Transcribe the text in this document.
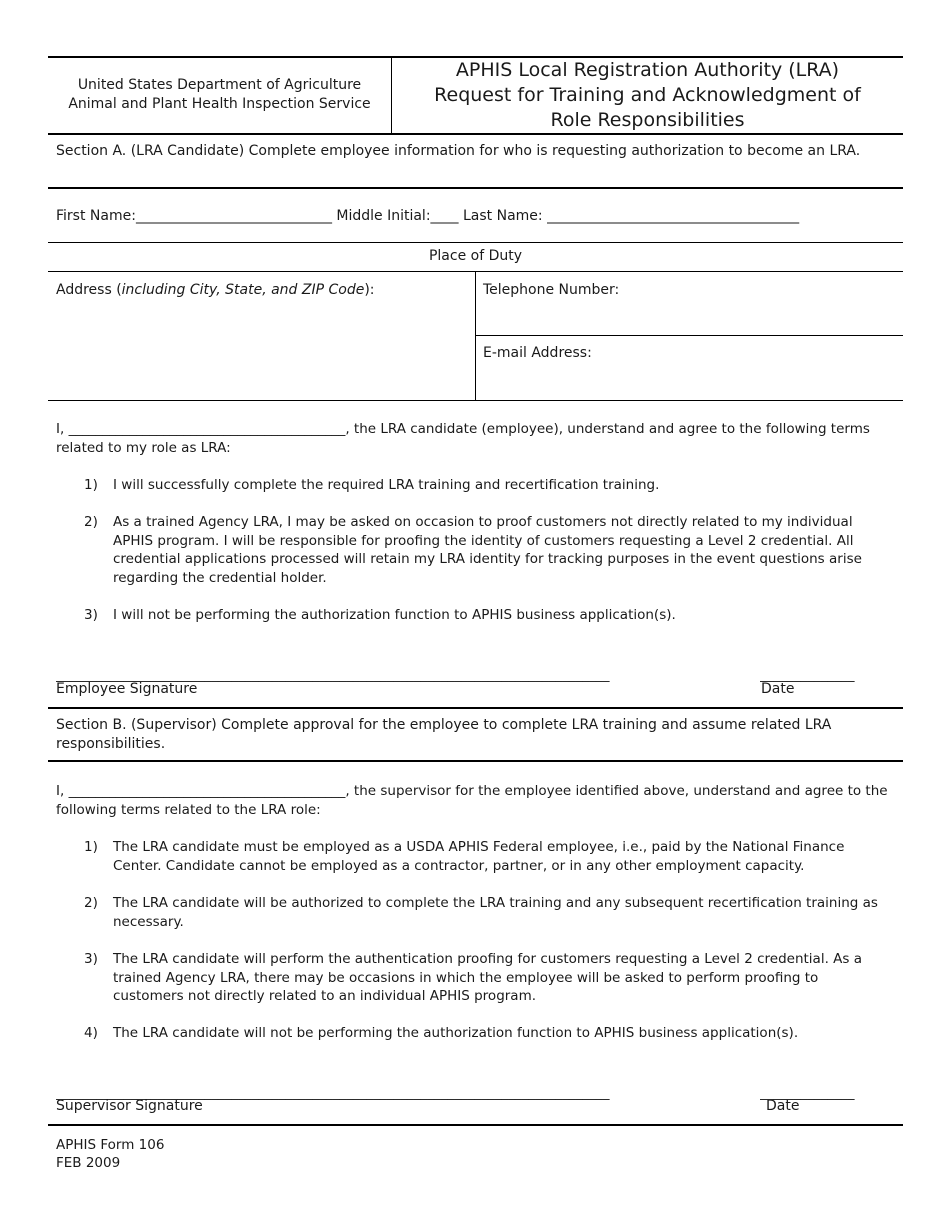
United States Department of Agriculture
Animal and Plant Health Inspection Service
APHIS Local Registration Authority (LRA)
Request for Training and Acknowledgment of
Role Responsibilities
Section A. (LRA Candidate) Complete employee information for who is requesting authorization to become an LRA.
First Name:____________________________ Middle Initial:____ Last Name: ____________________________________
Place of Duty
Address (including City, State, and ZIP Code):	Telephone Number:
E-mail Address:
I, _________________________________________, the LRA candidate (employee), understand and agree to the following terms related to my role as LRA:
1)	I will successfully complete the required LRA training and recertification training.
2)	As a trained Agency LRA, I may be asked on occasion to proof customers not directly related to my individual APHIS program. I will be responsible for proofing the identity of customers requesting a Level 2 credential. All credential applications processed will retain my LRA identity for tracking purposes in the event questions arise regarding the credential holder.
3)	I will not be performing the authorization function to APHIS business application(s).
__________________________________________________________________________________	______________
Employee Signature	Date
Section B. (Supervisor) Complete approval for the employee to complete LRA training and assume related LRA responsibilities.
I, _________________________________________, the supervisor for the employee identified above, understand and agree to the following terms related to the LRA role:
1)	The LRA candidate must be employed as a USDA APHIS Federal employee, i.e., paid by the National Finance Center. Candidate cannot be employed as a contractor, partner, or in any other employment capacity.
2)	The LRA candidate will be authorized to complete the LRA training and any subsequent recertification training as necessary.
3)	The LRA candidate will perform the authentication proofing for customers requesting a Level 2 credential. As a trained Agency LRA, there may be occasions in which the employee will be asked to perform proofing to customers not directly related to an individual APHIS program.
4)	The LRA candidate will not be performing the authorization function to APHIS business application(s).
__________________________________________________________________________________	______________
Supervisor Signature	Date
APHIS Form 106
FEB 2009
